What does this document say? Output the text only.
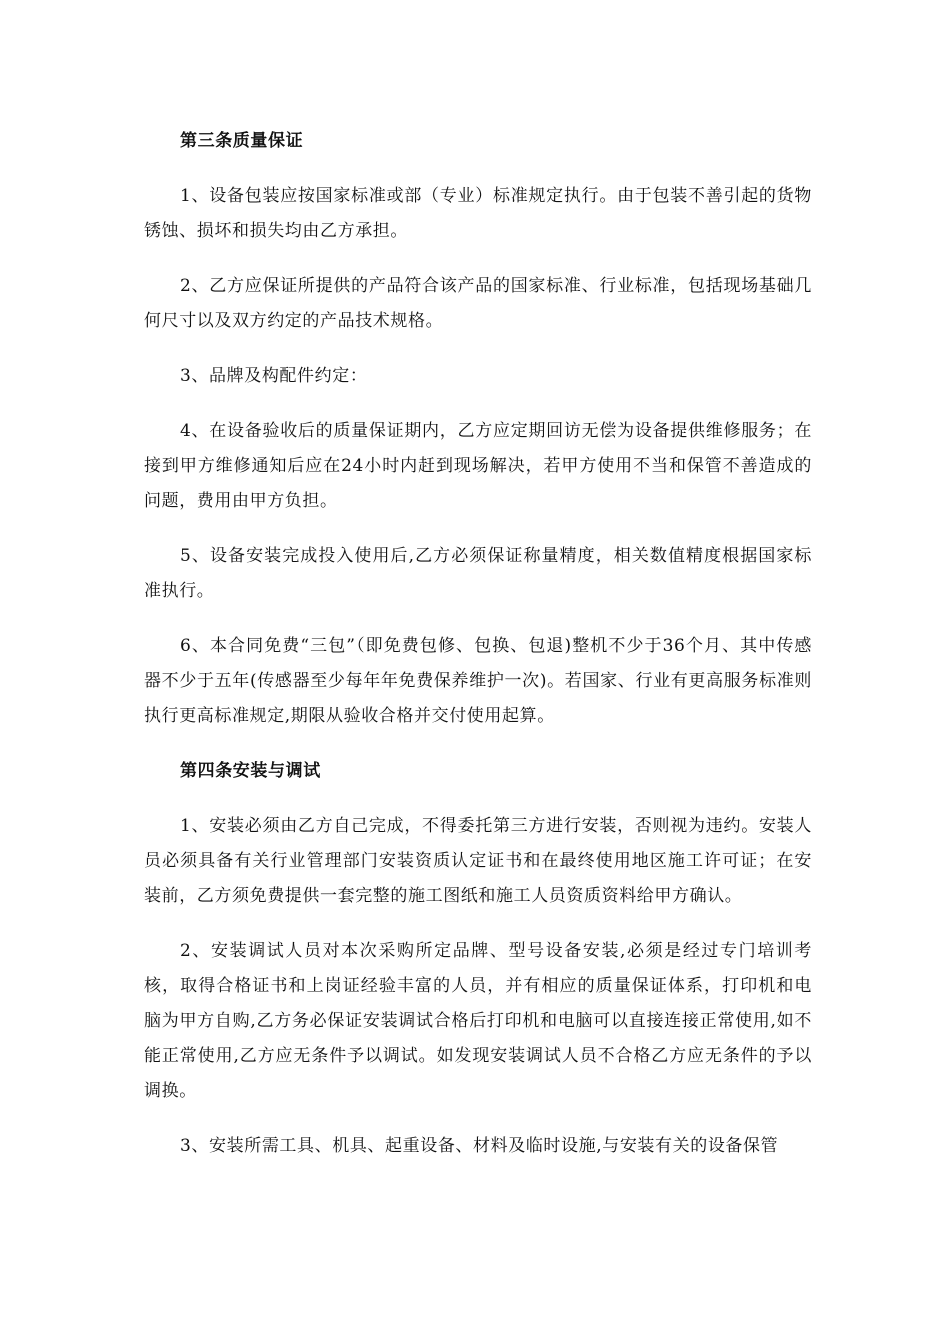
第三条质量保证
1、设备包装应按国家标准或部（专业）标准规定执行。由于包装不善引起的货物锈蚀、损坏和损失均由乙方承担。
2、乙方应保证所提供的产品符合该产品的国家标准、行业标准，包括现场基础几何尺寸以及双方约定的产品技术规格。
3、品牌及构配件约定：
4、在设备验收后的质量保证期内，乙方应定期回访无偿为设备提供维修服务；在接到甲方维修通知后应在24小时内赶到现场解决，若甲方使用不当和保管不善造成的问题，费用由甲方负担。
5、设备安装完成投入使用后,乙方必须保证称量精度，相关数值精度根据国家标准执行。
6、本合同免费“三包”（即免费包修、包换、包退)整机不少于36个月、其中传感器不少于五年(传感器至少每年年免费保养维护一次)。若国家、行业有更高服务标准则执行更高标准规定,期限从验收合格并交付使用起算。
第四条安装与调试
1、安装必须由乙方自己完成，不得委托第三方进行安装，否则视为违约。安装人员必须具备有关行业管理部门安装资质认定证书和在最终使用地区施工许可证；在安装前，乙方须免费提供一套完整的施工图纸和施工人员资质资料给甲方确认。
2、安装调试人员对本次采购所定品牌、型号设备安装,必须是经过专门培训考核，取得合格证书和上岗证经验丰富的人员，并有相应的质量保证体系，打印机和电脑为甲方自购,乙方务必保证安装调试合格后打印机和电脑可以直接连接正常使用,如不能正常使用,乙方应无条件予以调试。如发现安装调试人员不合格乙方应无条件的予以调换。
3、安装所需工具、机具、起重设备、材料及临时设施,与安装有关的设备保管
